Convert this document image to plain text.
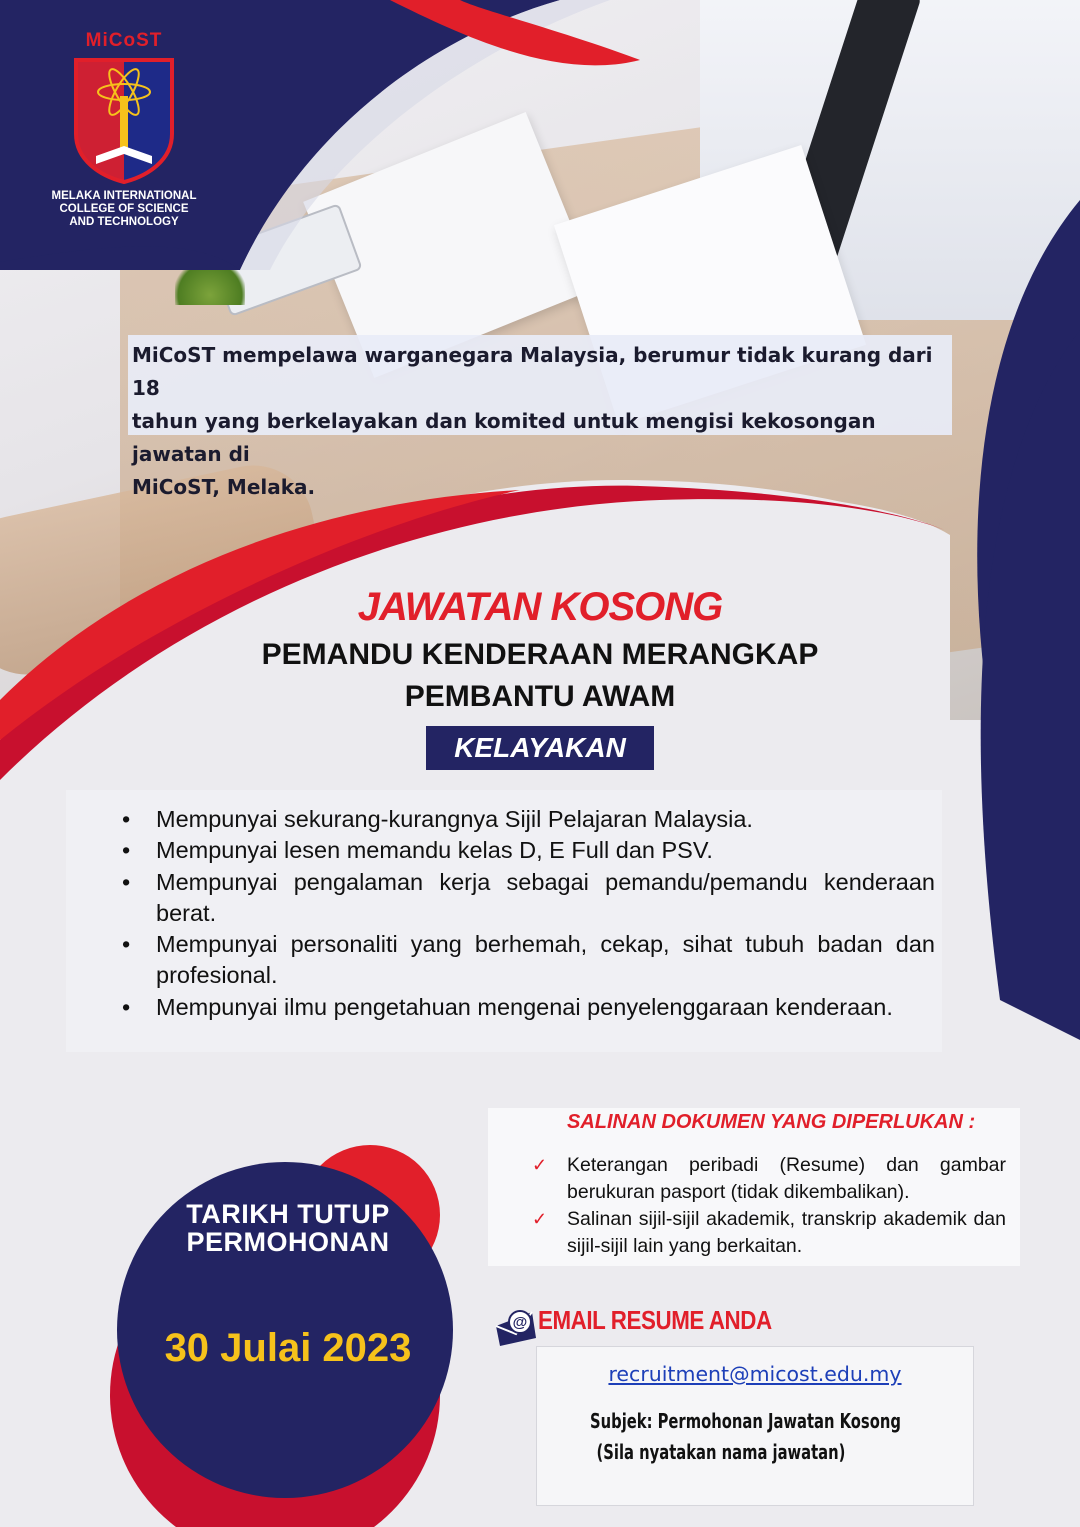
MiCoST
MELAKA INTERNATIONAL
COLLEGE OF SCIENCE
AND TECHNOLOGY
MiCoST mempelawa warganegara Malaysia, berumur tidak kurang dari 18
tahun yang berkelayakan dan komited untuk mengisi kekosongan jawatan di
MiCoST, Melaka.
JAWATAN KOSONG
PEMANDU KENDERAAN MERANGKAP
PEMBANTU AWAM
KELAYAKAN
• Mempunyai sekurang-kurangnya Sijil Pelajaran Malaysia.
• Mempunyai lesen memandu kelas D, E Full dan PSV.
• Mempunyai pengalaman kerja sebagai pemandu/pemandu kenderaan berat.
• Mempunyai personaliti yang berhemah, cekap, sihat tubuh badan dan profesional.
• Mempunyai ilmu pengetahuan mengenai penyelenggaraan kenderaan.
SALINAN DOKUMEN YANG DIPERLUKAN :
✓ Keterangan peribadi (Resume) dan gambar berukuran pasport (tidak dikembalikan).
✓ Salinan sijil-sijil akademik, transkrip akademik dan sijil-sijil lain yang berkaitan.
TARIKH TUTUP
PERMOHONAN
30 Julai 2023
@ EMAIL RESUME ANDA
recruitment@micost.edu.my
Subjek: Permohonan Jawatan Kosong
(Sila nyatakan nama jawatan)
